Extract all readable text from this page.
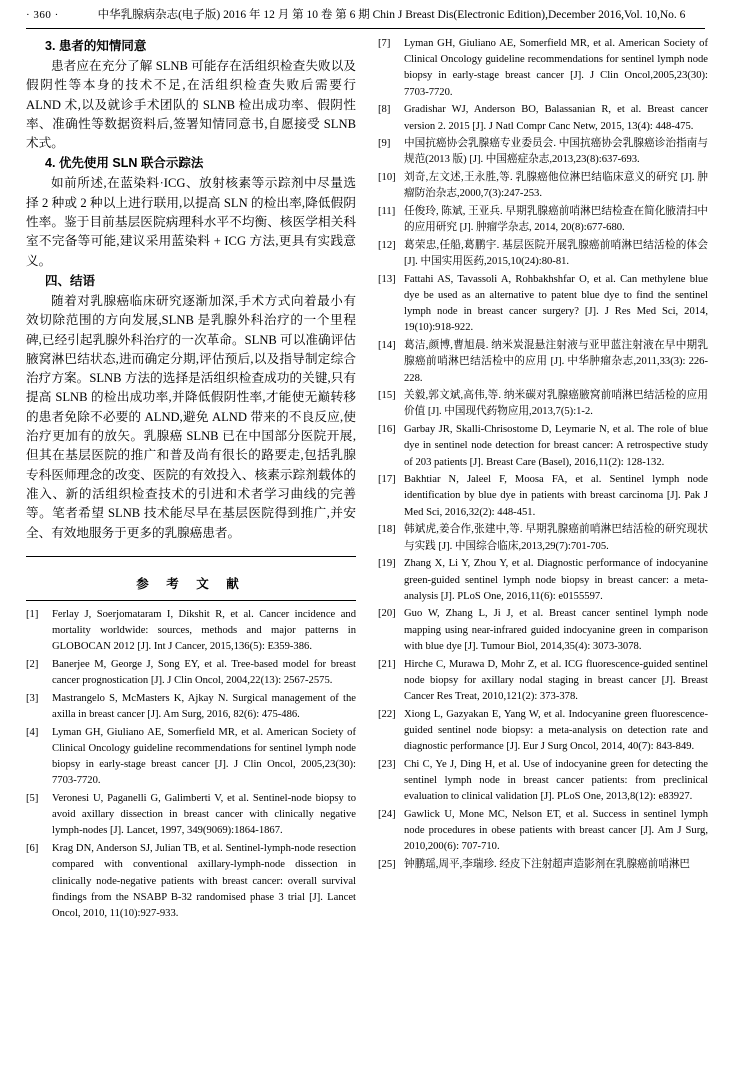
· 360 ·	中华乳腺病杂志(电子版) 2016 年 12 月 第 10 卷 第 6 期 Chin J Breast Dis(Electronic Edition),December 2016,Vol. 10,No. 6
3. 患者的知情同意

患者应在充分了解 SLNB 可能存在活组织检查失败以及假阴性等本身的技术不足,在活组织检查失败后需要行 ALND 术,以及就诊手术团队的 SLNB 检出成功率、假阴性率、准确性等数据资料后,签署知情同意书,自愿接受 SLNB 术式。

4. 优先使用 SLN 联合示踪法

如前所述,在蓝染料·ICG、放射核素等示踪剂中尽量选择 2 种或 2 种以上进行联用,以提高 SLN 的检出率,降低假阴性率。鉴于目前基层医院病理科水平不均衡、核医学相关科室不完备等可能,建议采用蓝染料 + ICG 方法,更具有实践意义。

四、结语

随着对乳腺癌临床研究逐渐加深,手术方式向着最小有效切除范围的方向发展,SLNB 是乳腺外科治疗的一个里程碑,已经引起乳腺外科治疗的一次革命。SLNB 可以准确评估腋窝淋巴结状态,进而确定分期,评估预后,以及指导制定综合治疗方案。SLNB 方法的选择是活组织检查成功的关键,只有提高 SLNB 的检出成功率,并降低假阴性率,才能使无巅转移的患者免除不必要的 ALND,避免 ALND 带来的不良反应,使治疗更加有的放矢。乳腺癌 SLNB 已在中国部分医院开展,但其在基层医院的推广和普及尚有很长的路要走,包括乳腺专科医师理念的改变、医院的有效投入、核素示踪剂载体的准入、新的活组织检查技术的引进和术者学习曲线的完善等。笔者希望 SLNB 技术能尽早在基层医院得到推广,并安全、有效地服务于更多的乳腺癌患者。

参 考 文 献
[1]	Ferlay J, Soerjomataram I, Dikshit R, et al. Cancer incidence and mortality worldwide: sources, methods and major patterns in GLOBOCAN 2012 [J]. Int J Cancer, 2015,136(5): E359-386.
[2]	Banerjee M, George J, Song EY, et al. Tree-based model for breast cancer prognostication [J]. J Clin Oncol, 2004,22(13): 2567-2575.
[3]	Mastrangelo S, McMasters K, Ajkay N. Surgical management of the axilla in breast cancer [J]. Am Surg, 2016, 82(6): 475-486.
[4]	Lyman GH, Giuliano AE, Somerfield MR, et al. American Society of Clinical Oncology guideline recommendations for sentinel lymph node biopsy in early-stage breast cancer [J]. J Clin Oncol, 2005,23(30): 7703-7720.
[5]	Veronesi U, Paganelli G, Galimberti V, et al. Sentinel-node biopsy to avoid axillary dissection in breast cancer with clinically negative lymph-nodes [J]. Lancet, 1997, 349(9069):1864-1867.
[6]	Krag DN, Anderson SJ, Julian TB, et al. Sentinel-lymph-node resection compared with conventional axillary-lymph-node dissection in clinically node-negative patients with breast cancer: overall survival findings from the NSABP B-32 randomised phase 3 trial [J]. Lancet Oncol, 2010, 11(10):927-933.
[7]	Lyman GH, Giuliano AE, Somerfield MR, et al. American Society of Clinical Oncology guideline recommendations for sentinel lymph node biopsy in early-stage breast cancer [J]. J Clin Oncol,2005,23(30): 7703-7720.
[8]	Gradishar WJ, Anderson BO, Balassanian R, et al. Breast cancer version 2. 2015 [J]. J Natl Compr Canc Netw, 2015, 13(4): 448-475.
[9]	中国抗癌协会乳腺癌专业委员会. 中国抗癌协会乳腺癌诊治指南与规范(2013 版) [J]. 中国癌症杂志,2013,23(8):637-693.
[10] 刘奇,左文述,王永胜,等. 乳腺癌他位淋巴结临床意义的研究 [J]. 肿瘤防治杂志,2000,7(3):247-253.
[11] 任俊玲, 陈斌, 王亚兵. 早期乳腺癌前哨淋巴结检查在简化腋清扫中的应用研究 [J]. 肿瘤学杂志, 2014, 20(8):677-680.
[12] 葛荣忠,任船,葛鹏宇. 基层医院开展乳腺癌前哨淋巴结活检的体会 [J]. 中国实用医药,2015,10(24):80-81.
[13] Fattahi AS, Tavassoli A, Rohbakhshfar O, et al. Can methylene blue dye be used as an alternative to patent blue dye to find the sentinel lymph node in breast cancer surgery? [J]. J Res Med Sci, 2014, 19(10):918-922.
[14] 葛洁,颜博,曹旭晨. 纳米炭混悬注射液与亚甲蓝注射液在早中期乳腺癌前哨淋巴结活检中的应用 [J]. 中华肿瘤杂志,2011,33(3): 226-228.
[15] 关毅,郭文斌,高伟,等. 纳米碳对乳腺癌腋窝前哨淋巴结活检的应用价值 [J]. 中国现代药物应用,2013,7(5):1-2.
[16] Garbay JR, Skalli-Chrisostome D, Leymarie N, et al. The role of blue dye in sentinel node detection for breast cancer: A retrospective study of 203 patients [J]. Breast Care (Basel), 2016,11(2): 128-132.
[17] Bakhtiar N, Jaleel F, Moosa FA, et al. Sentinel lymph node identification by blue dye in patients with breast carcinoma [J]. Pak J Med Sci, 2016,32(2): 448-451.
[18] 韩斌虎,姜合作,张建中,等. 早期乳腺癌前哨淋巴结活检的研究现状与实践 [J]. 中国综合临床,2013,29(7):701-705.
[19] Zhang X, Li Y, Zhou Y, et al. Diagnostic performance of indocyanine green-guided sentinel lymph node biopsy in breast cancer: a meta-analysis [J]. PLoS One, 2016,11(6): e0155597.
[20] Guo W, Zhang L, Ji J, et al. Breast cancer sentinel lymph node mapping using near-infrared guided indocyanine green in comparison with blue dye [J]. Tumour Biol, 2014,35(4): 3073-3078.
[21] Hirche C, Murawa D, Mohr Z, et al. ICG fluorescence-guided sentinel node biopsy for axillary nodal staging in breast cancer [J]. Breast Cancer Res Treat, 2010,121(2): 373-378.
[22] Xiong L, Gazyakan E, Yang W, et al. Indocyanine green fluorescence-guided sentinel node biopsy: a meta-analysis on detection rate and diagnostic performance [J]. Eur J Surg Oncol, 2014, 40(7): 843-849.
[23] Chi C, Ye J, Ding H, et al. Use of indocyanine green for detecting the sentinel lymph node in breast cancer patients: from preclinical evaluation to clinical validation [J]. PLoS One, 2013,8(12): e83927.
[24] Gawlick U, Mone MC, Nelson ET, et al. Success in sentinel lymph node procedures in obese patients with breast cancer [J]. Am J Surg, 2010,200(6): 707-710.
[25] 钟鹏瑶,周平,李瑞珍. 经皮下注射超声造影剂在乳腺癌前哨淋巴
